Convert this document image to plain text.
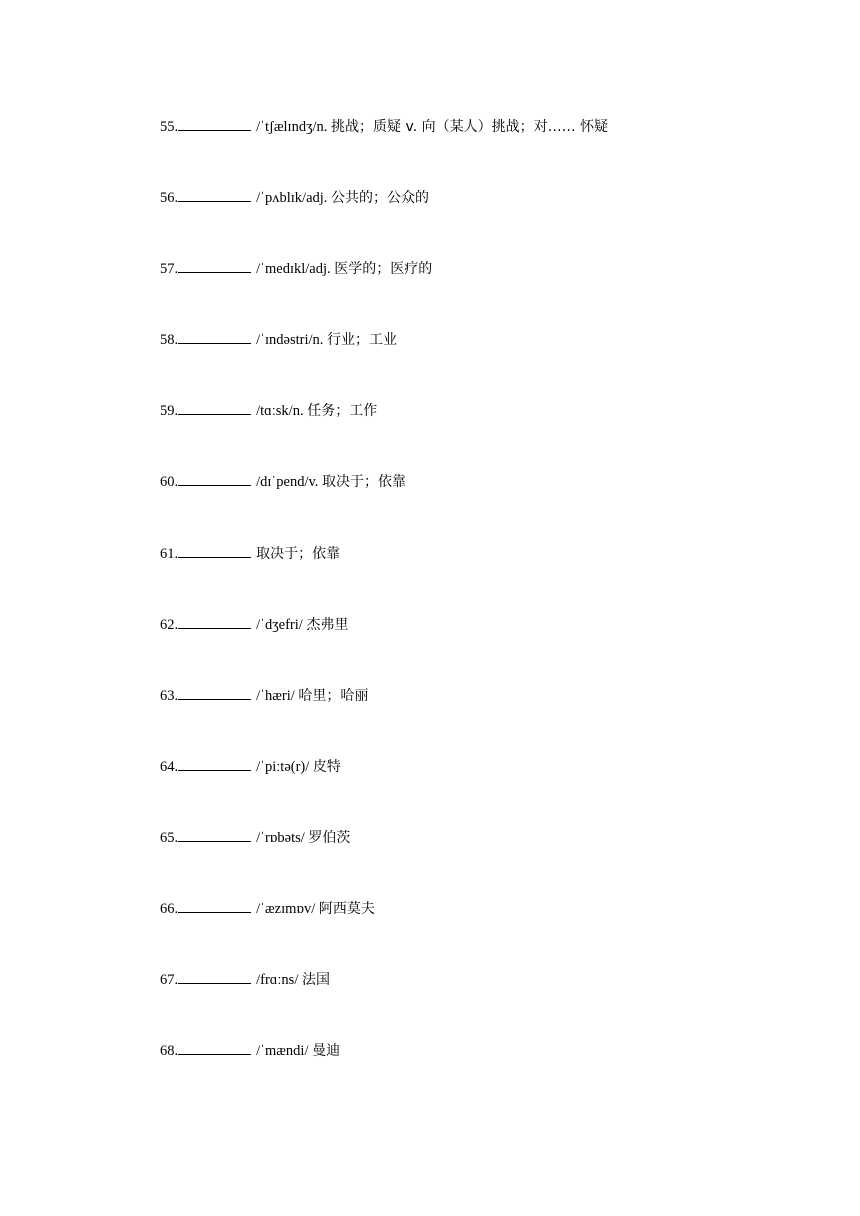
55.	/ˈtʃælɪndʒ/n. 挑战；质疑 v. 向（某人）挑战；对…… 怀疑
56.	/ˈpʌblɪk/adj. 公共的；公众的
57.	/ˈmedɪkl/adj. 医学的；医疗的
58.	/ˈɪndəstri/n. 行业；工业
59.	/tɑːsk/n. 任务；工作
60.	/dɪˈpend/v. 取决于；依靠
61.	取决于；依靠
62.	/ˈdʒefri/ 杰弗里
63.	/ˈhæri/ 哈里；哈丽
64.	/ˈpiːtə(r)/ 皮特
65.	/ˈrɒbəts/ 罗伯茨
66.	/ˈæzɪmɒv/ 阿西莫夫
67.	/frɑːns/ 法国
68.	/ˈmændi/ 曼迪
